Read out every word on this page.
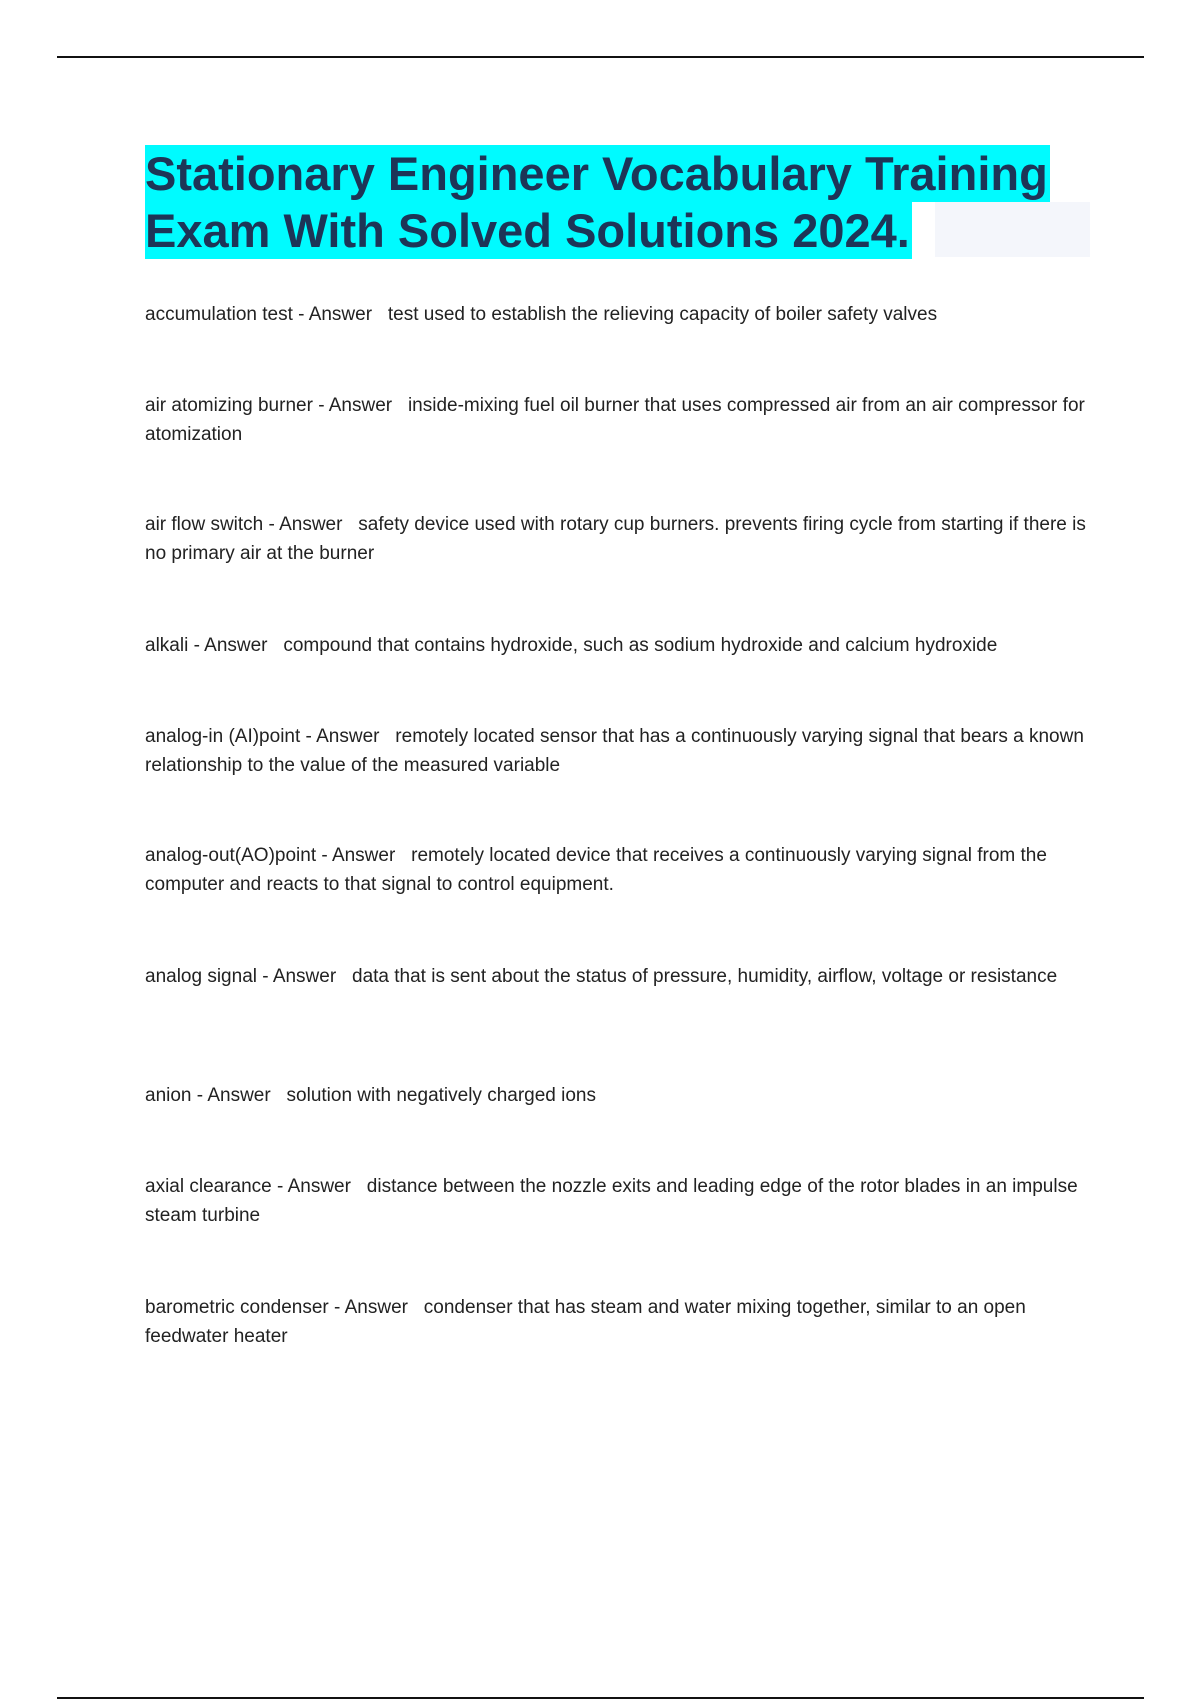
Stationary Engineer Vocabulary Training
Exam With Solved Solutions 2024.

accumulation test - Answer   test used to establish the relieving capacity of boiler safety valves

air atomizing burner - Answer   inside-mixing fuel oil burner that uses compressed air from an air compressor for atomization

air flow switch - Answer   safety device used with rotary cup burners. prevents firing cycle from starting if there is no primary air at the burner

alkali - Answer   compound that contains hydroxide, such as sodium hydroxide and calcium hydroxide

analog-in (AI)point - Answer   remotely located sensor that has a continuously varying signal that bears a known relationship to the value of the measured variable

analog-out(AO)point - Answer   remotely located device that receives a continuously varying signal from the computer and reacts to that signal to control equipment.

analog signal - Answer   data that is sent about the status of pressure, humidity, airflow, voltage or resistance

anion - Answer   solution with negatively charged ions

axial clearance - Answer   distance between the nozzle exits and leading edge of the rotor blades in an impulse steam turbine

barometric condenser - Answer   condenser that has steam and water mixing together, similar to an open feedwater heater
